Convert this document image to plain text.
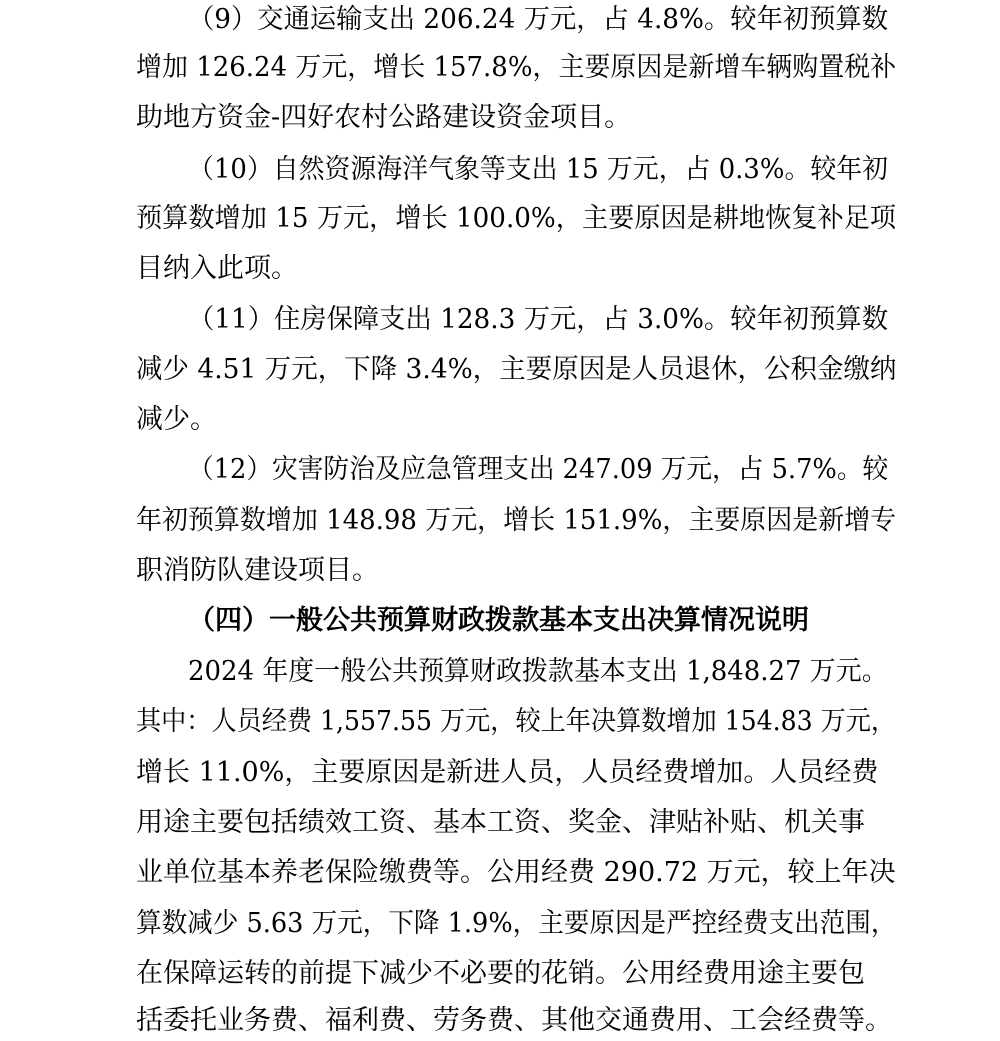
（9）交通运输支出 206.24 万元，占 4.8%。较年初预算数
增加 126.24 万元，增长 157.8%，主要原因是新增车辆购置税补
助地方资金-四好农村公路建设资金项目。
（10）自然资源海洋气象等支出 15 万元，占 0.3%。较年初
预算数增加 15 万元，增长 100.0%，主要原因是耕地恢复补足项
目纳入此项。
（11）住房保障支出 128.3 万元，占 3.0%。较年初预算数
减少 4.51 万元，下降 3.4%，主要原因是人员退休，公积金缴纳
减少。
（12）灾害防治及应急管理支出 247.09 万元，占 5.7%。较
年初预算数增加 148.98 万元，增长 151.9%，主要原因是新增专
职消防队建设项目。
（四）一般公共预算财政拨款基本支出决算情况说明
2024 年度一般公共预算财政拨款基本支出 1,848.27 万元。
其中：人员经费 1,557.55 万元，较上年决算数增加 154.83 万元，
增长 11.0%，主要原因是新进人员，人员经费增加。人员经费
用途主要包括绩效工资、基本工资、奖金、津贴补贴、机关事
业单位基本养老保险缴费等。公用经费 290.72 万元，较上年决
算数减少 5.63 万元，下降 1.9%，主要原因是严控经费支出范围，
在保障运转的前提下减少不必要的花销。公用经费用途主要包
括委托业务费、福利费、劳务费、其他交通费用、工会经费等。
